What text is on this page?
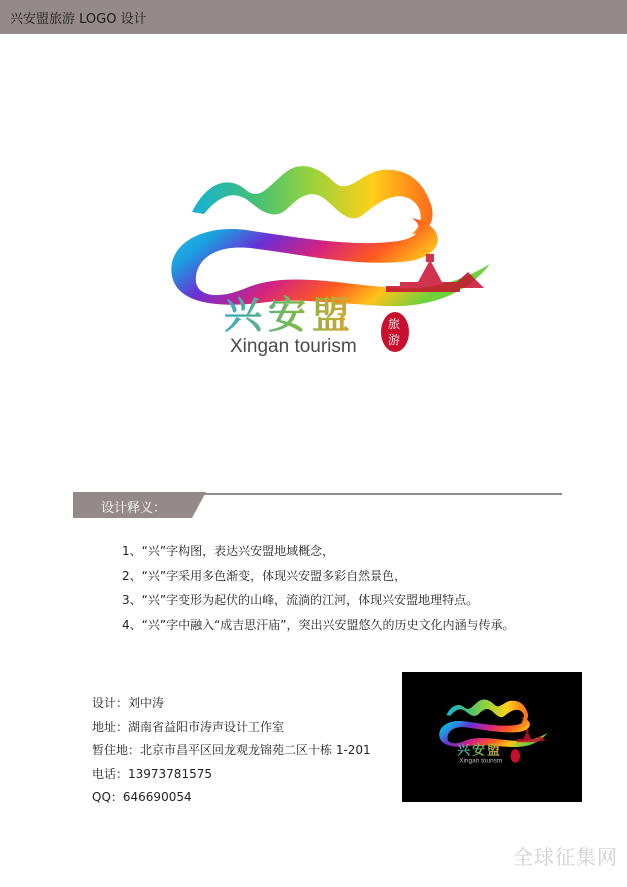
兴安盟旅游 LOGO 设计
兴安盟
Xingan tourism
旅
游
设计释义：
1、“兴”字构图，表达兴安盟地域概念，
2、“兴”字采用多色渐变，体现兴安盟多彩自然景色，
3、“兴”字变形为起伏的山峰，流淌的江河，体现兴安盟地理特点。
4、“兴”字中融入“成吉思汗庙”，突出兴安盟悠久的历史文化内涵与传承。
设计：刘中涛
地址：湖南省益阳市涛声设计工作室
暂住地：北京市昌平区回龙观龙锦苑二区十栋 1-201
电话：13973781575
QQ：646690054
兴安盟
Xingan tourism
全球征集网
